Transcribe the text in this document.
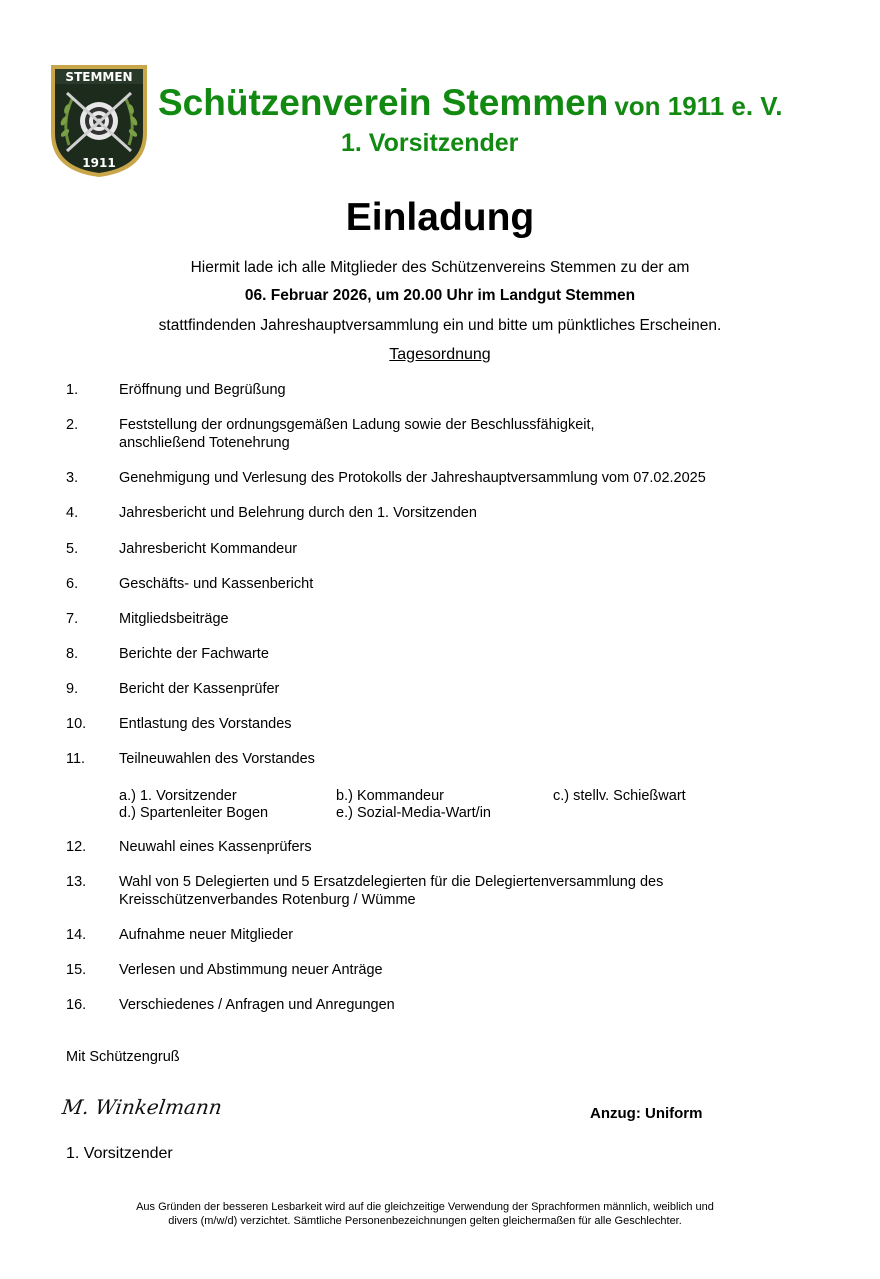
STEMMEN
1911
Schützenverein Stemmen von 1911 e. V.
1. Vorsitzender
Einladung
Hiermit lade ich alle Mitglieder des Schützenvereins Stemmen zu der am
06. Februar 2026, um 20.00 Uhr im Landgut Stemmen
stattfindenden Jahreshauptversammlung ein und bitte um pünktliches Erscheinen.
Tagesordnung
1.	Eröffnung und Begrüßung
2.	Feststellung der ordnungsgemäßen Ladung sowie der Beschlussfähigkeit,
anschließend Totenehrung
3.	Genehmigung und Verlesung des Protokolls der Jahreshauptversammlung vom 07.02.2025
4.	Jahresbericht und Belehrung durch den 1. Vorsitzenden
5.	Jahresbericht Kommandeur
6.	Geschäfts- und Kassenbericht
7.	Mitgliedsbeiträge
8.	Berichte der Fachwarte
9.	Bericht der Kassenprüfer
10. Entlastung des Vorstandes
11. Teilneuwahlen des Vorstandes
a.) 1. Vorsitzender	b.) Kommandeur	c.) stellv. Schießwart
d.) Spartenleiter Bogen	e.) Sozial-Media-Wart/in
12. Neuwahl eines Kassenprüfers
13. Wahl von 5 Delegierten und 5 Ersatzdelegierten für die Delegiertenversammlung des
Kreisschützenverbandes Rotenburg / Wümme
14. Aufnahme neuer Mitglieder
15. Verlesen und Abstimmung neuer Anträge
16. Verschiedenes / Anfragen und Anregungen
Mit Schützengruß
M. Winkelmann	Anzug: Uniform
1. Vorsitzender
Aus Gründen der besseren Lesbarkeit wird auf die gleichzeitige Verwendung der Sprachformen männlich, weiblich und
divers (m/w/d) verzichtet. Sämtliche Personenbezeichnungen gelten gleichermaßen für alle Geschlechter.
